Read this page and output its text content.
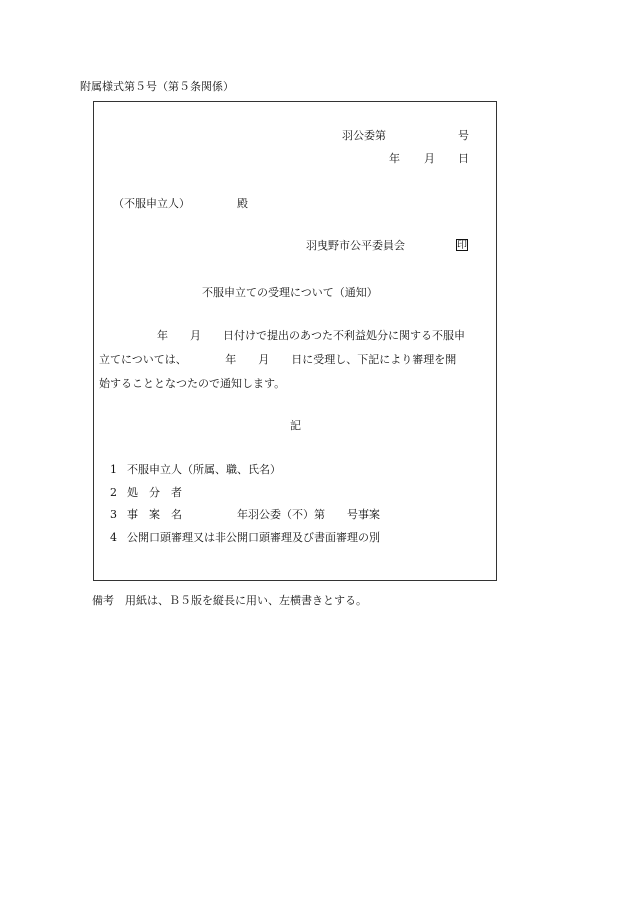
附属様式第５号（第５条関係）
羽公委第	号
年 月 日
（不服申立人）	殿
羽曳野市公平委員会	印
不服申立ての受理について（通知）
年　　月　　日付けで提出のあつた不利益処分に関する不服申
立てについては、　　　　年　　月　　日に受理し、下記により審理を開
始することとなつたので通知します。
記
1 不服申立人（所属、職、氏名）
2 処　分　者
3 事　案　名　　　　　年羽公委（不）第　　号事案
4 公開口頭審理又は非公開口頭審理及び書面審理の別
備考 用紙は、Ｂ５版を縦長に用い、左横書きとする。
